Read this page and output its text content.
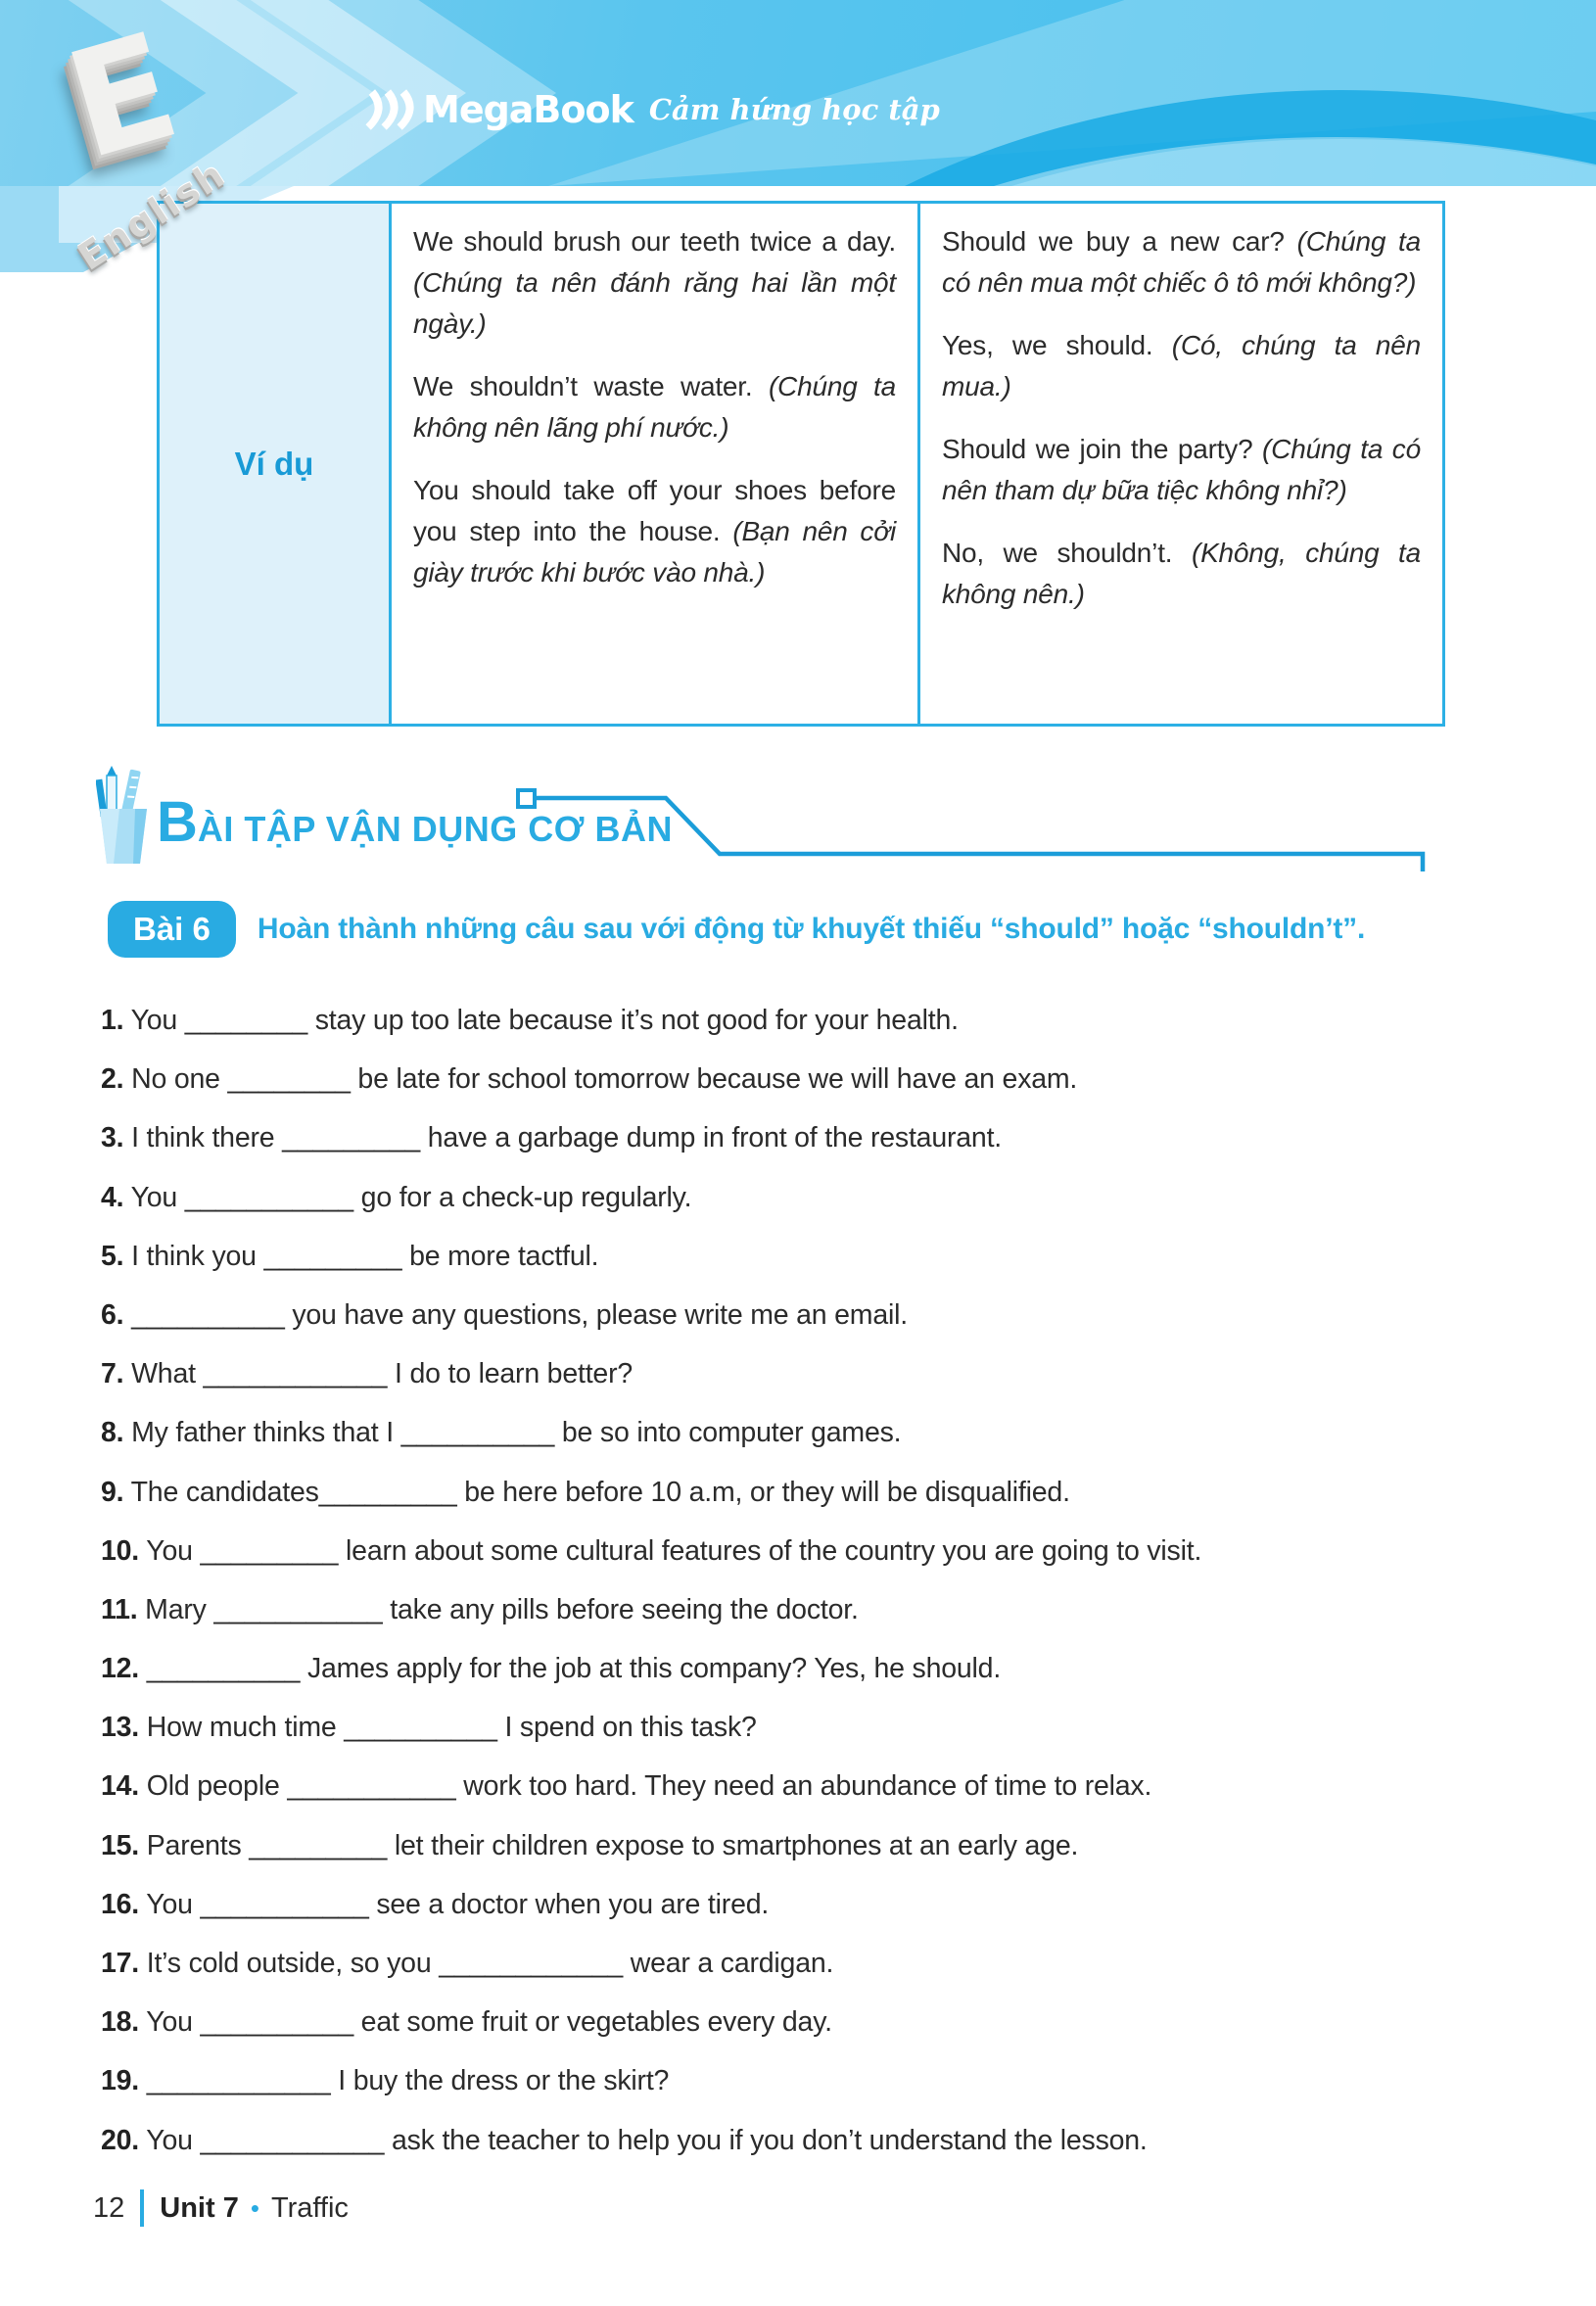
E
English
MegaBook Cảm hứng học tập
Ví dụ

We should brush our teeth twice a day. (Chúng ta nên đánh răng hai lần một ngày.)

We shouldn’t waste water. (Chúng ta không nên lãng phí nước.)

You should take off your shoes before you step into the house. (Bạn nên cởi giày trước khi bước vào nhà.)

Should we buy a new car? (Chúng ta có nên mua một chiếc ô tô mới không?)

Yes, we should. (Có, chúng ta nên mua.)

Should we join the party? (Chúng ta có nên tham dự bữa tiệc không nhỉ?)

No, we shouldn’t. (Không, chúng ta không nên.)

BÀI TẬP VẬN DỤNG CƠ BẢN
Bài 6	Hoàn thành những câu sau với động từ khuyết thiếu “should” hoặc “shouldn’t”.
1. You ________ stay up too late because it’s not good for your health.
2. No one ________ be late for school tomorrow because we will have an exam.
3. I think there _________ have a garbage dump in front of the restaurant.
4. You ___________ go for a check-up regularly.
5. I think you _________ be more tactful.
6. __________ you have any questions, please write me an email.
7. What ____________ I do to learn better?
8. My father thinks that I __________ be so into computer games.
9. The candidates_________ be here before 10 a.m, or they will be disqualified.
10. You _________ learn about some cultural features of the country you are going to visit.
11. Mary ___________ take any pills before seeing the doctor.
12. __________ James apply for the job at this company? Yes, he should.
13. How much time __________ I spend on this task?
14. Old people ___________ work too hard. They need an abundance of time to relax.
15. Parents _________ let their children expose to smartphones at an early age.
16. You ___________ see a doctor when you are tired.
17. It’s cold outside, so you ____________ wear a cardigan.
18. You __________ eat some fruit or vegetables every day.
19. ____________ I buy the dress or the skirt?
20. You ____________ ask the teacher to help you if you don’t understand the lesson.
12 Unit 7 • Traffic
